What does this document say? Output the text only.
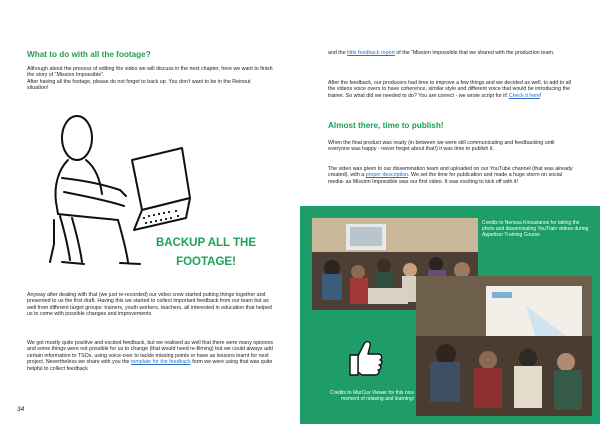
What to do with all the footage?

Although about the process of editing the video we will discuss in the next chapter, here we want to finish the story of “Mission Impossible”.

After having all the footage, please do not forget to back up. You don’t want to be in the Reinout situation!

BACKUP ALL THE
FOOTAGE!

Anyway after dealing with that (we just re-recorded) our video crew started putting things together and presented to us the first draft. Having this we started to collect important feedback from our team but as well from different target groups: trainers, youth workers, teachers, all interested in education that helped us to come with possible changes and improvements.

We got mostly quite positive and excited feedback, but we realised as well that there were many opinions and some things were not possible for us to change (that would need re-filming) but we could always add certain information to TSOs, using voice-over to tackle missing points or have as lessons learnt for next project. Nevertheless we share with you the template for the feedback form we were using that was quite helpful to collect feedback

34

and the little feedback report of the “Mission Impossible that we shared with the production team.

After the feedback, our producers had time to improve a few things and we decided as well, to add to all the videos voice overs to have coherence, similar style and different voice that would be introducing the trainer. So what did we needed to do? You are correct - we wrote script for it! Check it here!

Almost there, time to publish!

When the final product was ready (in between we were still communicating and feedbacking until everyone was happy - never forget about that!) it was time to publish it.

The video was given to our dissemination team and uploaded on our YouTube channel (that was already created), with a proper description. We set the time for publication and made a huge storm on social media- as Mission Impossible was our first video. It was exciting to kick off with it!

Credits to Nerissa Kriousianos for taking the photo and disseminating YouTrain videos during Appetiser Training Course
Credits to MarCus Viewer for this nice moment of relaxing and learning!
